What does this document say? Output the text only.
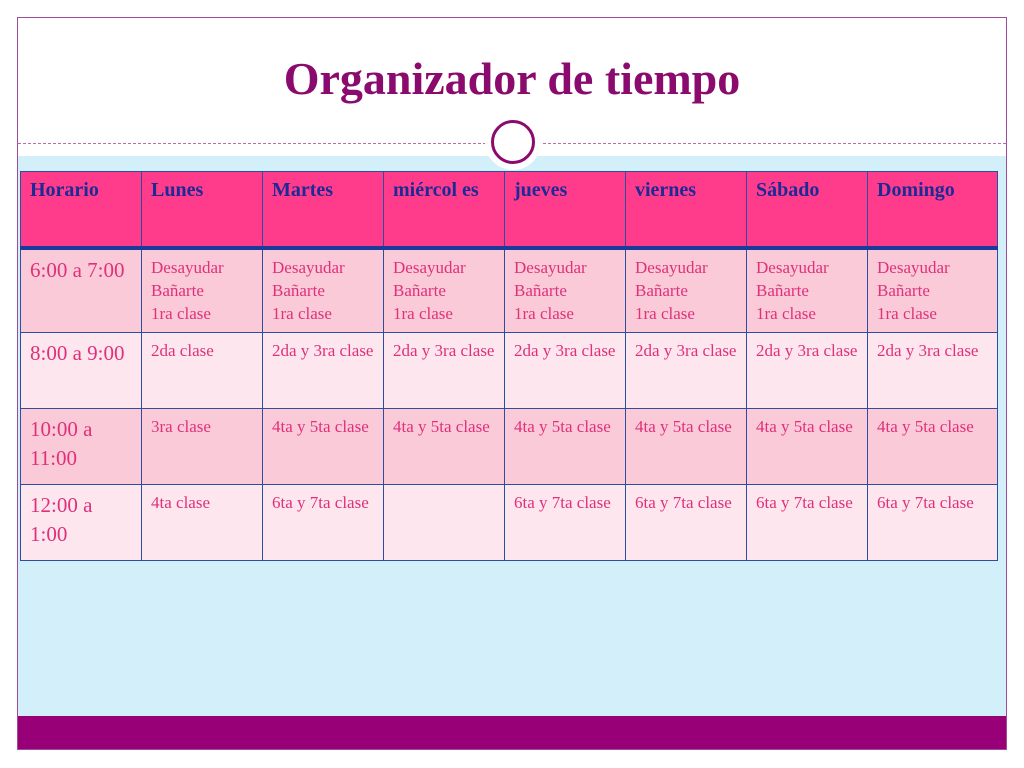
Organizador de tiempo
Horario	Lunes	Martes	miércol es	jueves	viernes	Sábado	Domingo
6:00 a 7:00	Desayudar
Bañarte
1ra clase	Desayudar
Bañarte
1ra clase	Desayudar
Bañarte
1ra clase	Desayudar
Bañarte
1ra clase	Desayudar
Bañarte
1ra clase	Desayudar
Bañarte
1ra clase	Desayudar
Bañarte
1ra clase

8:00 a 9:00	2da clase	2da y 3ra clase	2da y 3ra clase	2da y 3ra clase	2da y 3ra clase	2da y 3ra clase	2da y 3ra clase

10:00 a 11:00	3ra clase	4ta y 5ta clase	4ta y 5ta clase	4ta y 5ta clase	4ta y 5ta clase	4ta y 5ta clase	4ta y 5ta clase

12:00 a 1:00	4ta clase	6ta y 7ta clase		6ta y 7ta clase	6ta y 7ta clase	6ta y 7ta clase	6ta y 7ta clase
